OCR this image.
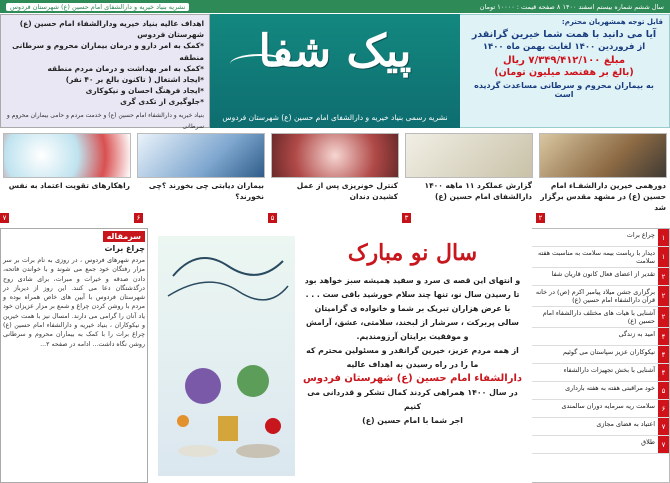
سال ششم شماره بیستم اسفند ۱۴۰۰ ۸ صفحه قیمت : ۱۰۰۰۰ تومان
نشریه بنیاد خیریه و دارالشفای امام حسین (ع) شهرستان فردوس
قابل توجه همشهریان محترم:
آیا می دانید با همت شما خیرین گرانقدر
از فروردین ۱۴۰۰ لغایت بهمن ماه ۱۴۰۰
مبلغ ۷/۳۴۹/۴۱۲/۱۰۰ ریال
(بالغ بر هفتصد میلیون تومان)
به بیماران محروم و سرطانی مساعدت گردیده است
پیک شفا
نشریه رسمی بنیاد خیریه و دارالشفای امام حسین (ع) شهرستان فردوس
اهداف عالیه بنیاد خیریه ودارالشفاء امام حسین (ع) شهرستان فردوس
*کمک به امر دارو و درمان بیماران محروم و سرطانی منطقه
*کمک به امر بهداشت و درمان مردم منطقه
*ایجاد اشتغال ( تاکنون بالغ بر ۴۰ نفر)
*ایجاد فرهنگ احسان و نیکوکاری
*جلوگیری از تکدی گری
بنیاد خیریه و دارالشفاء امام حسین (ع) و خدمت مردم و حامی بیماران محروم و سرطانی
دورهمی خیرین دارالشفـاء امام حسین (ع) در مشهد مقدس برگزار شد
۲
گزارش عملکرد ۱۱ ماهه ۱۴۰۰ دارالشفای امام حسین (ع)
۳
کنترل خونریزی پس از عمل کشیدن دندان
۵
بیماران دیابتی چی بخورند ؟چی نخورند؟
۶
راهکارهای تقویت اعتماد به نفس
۷
۱
چراغ برات
۱
دیدار با ریاست بیمه سلامت به مناسبت هفته سلامت
۲
تقدیر از اعضای فعال کانون قاریان شفا
۲
برگزاری جشن میلاد پیامبر اکرم (ص) در خانه قرآن دارالشفاء امام حسین (ع)
۲
آشنایی با هیات های مختلف دارالشفاء امام حسین (ع)
۴
امید به زندگی
۴
نیکوکاران عزیز سپاستان می گوئیم
۴
آشنایی با بخش تجهیزات دارالشفاء
۵
خود مراقبتی هفته به هفته بارداری
۶
سلامت ریه سرمایه دوران سالمندی
۷
اعتیاد به فضای مجازی
۷
طلاق
سال نو مبارک
و انتهای این قصه ی سرد و سفید همیشه سبز خواهد بود
تا رسیدن سال نو، تنها چند سلام خورشید باقی ست . . .
با عرض هزاران تبریک بر شما و خانواده ی گرامیتان
سالی پربرکت ، سرشار از لبخند، سلامتی، عشق، آرامش
و موفقیت برایتان آرزومندیم.
از همه مردم عزیز، خیرین گرانقدر و مسئولین محترم که
ما را در راه رسیدن به اهداف عالیه
دارالشفاء امام حسین (ع) شهرستان فردوس
در سال ۱۴۰۰ همراهی کردند کمال تشکر و قدردانی می کنیم
اجر شما با امام حسین (ع)
سرمقاله
چراغ برات
مردم شهرهای فردوس ، در روزی به نام برات بر سر مزار رفتگان خود جمع می شوند و با خواندن فاتحه، دادن صدقه و خیرات و مبرات، برای شادی روح درگذشتگان دعا می کنند. این روز از دیرباز در شهرستان فردوس با آیین های خاص همراه بوده و مردم با روشن کردن چراغ و شمع بر مزار عزیزان خود یاد آنان را گرامی می دارند. امسال نیز با همت خیرین و نیکوکاران ، بنیاد خیریه و دارالشفاء امام حسین (ع) چراغ برات را با کمک به بیماران محروم و سرطانی روشن نگاه داشت... ادامه در صفحه ۲...
